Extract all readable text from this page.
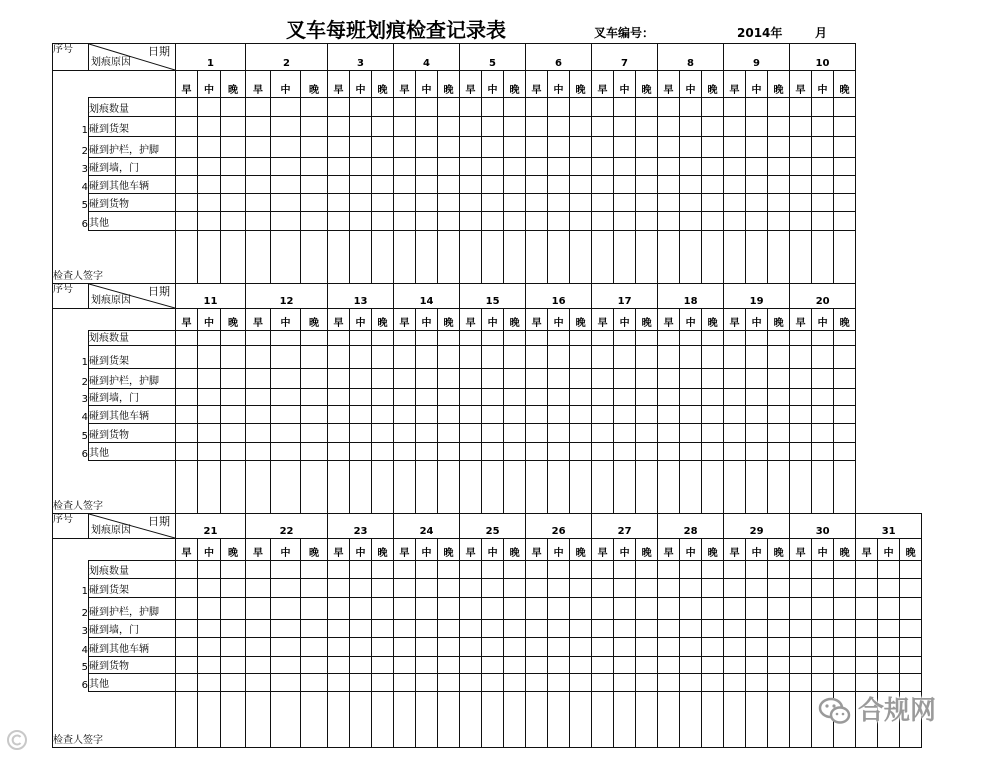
叉车每班划痕检查记录表	叉车编号：	2014年	月
序号	日期
划痕原因	1			2			3			4			5			6			7			8			9			10		
		早	中	晚	早	中	晚	早	中	晚	早	中	晚	早	中	晚	早	中	晚	早	中	晚	早	中	晚	早	中	晚	早	中	晚
	划痕数量																														
1	碰到货架																														
2	碰到护栏，护脚																														
3	碰到墙，门																														
4	碰到其他车辆																														
5	碰到货物																														
6	其他																														
检查人签字																															
序号	日期
划痕原因	11			12			13			14			15			16			17			18			19			20		
		早	中	晚	早	中	晚	早	中	晚	早	中	晚	早	中	晚	早	中	晚	早	中	晚	早	中	晚	早	中	晚	早	中	晚
	划痕数量																														
1	碰到货架																														
2	碰到护栏，护脚																														
3	碰到墙，门																														
4	碰到其他车辆																														
5	碰到货物																														
6	其他																														
检查人签字																															
序号	日期
划痕原因	21			22			23			24			25			26			27			28			29			30			31		
		早	中	晚	早	中	晚	早	中	晚	早	中	晚	早	中	晚	早	中	晚	早	中	晚	早	中	晚	早	中	晚	早	中	晚	早	中	晚
	划痕数量																																	
1	碰到货架																																	
2	碰到护栏，护脚																																	
3	碰到墙，门																																	
4	碰到其他车辆																																	
5	碰到货物																																	
6	其他																																	
检查人签字																																		
合规网
